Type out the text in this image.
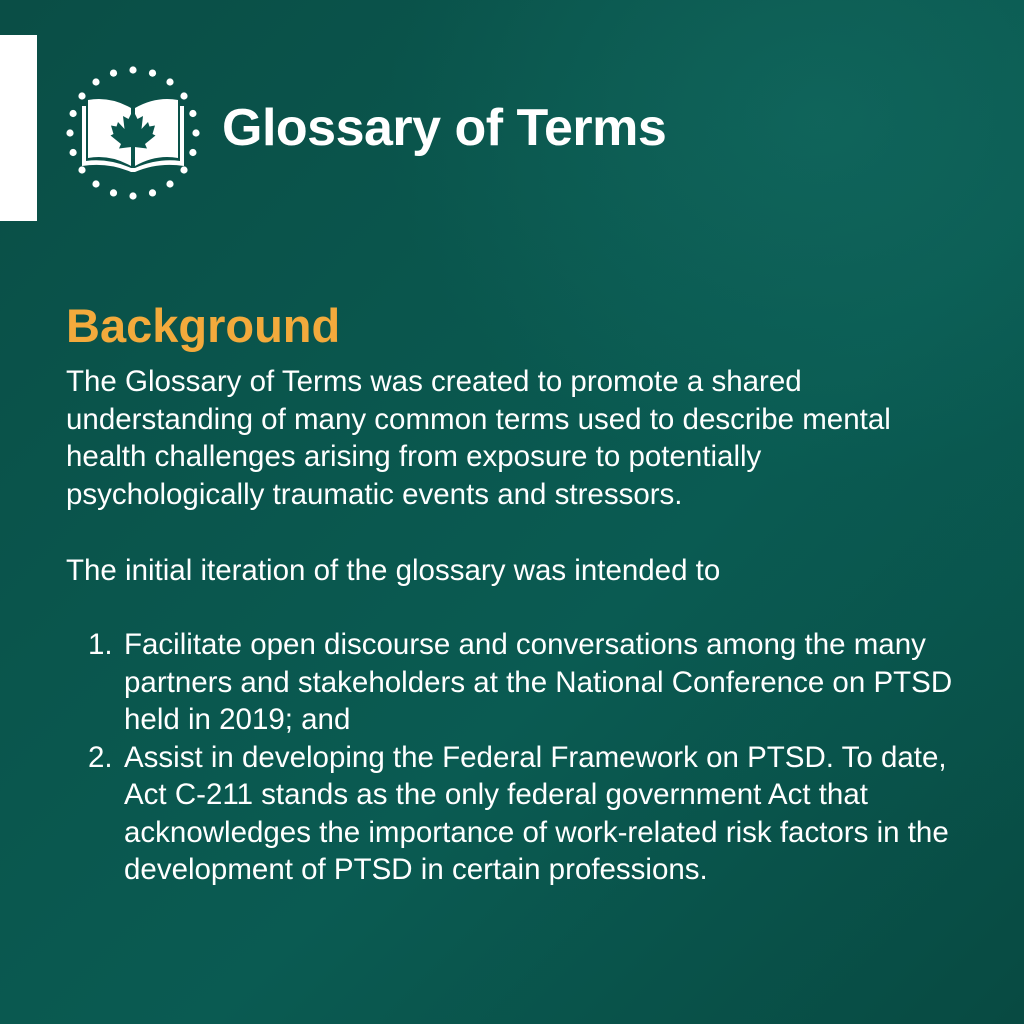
Glossary of Terms
Background

The Glossary of Terms was created to promote a shared understanding of many common terms used to describe mental health challenges arising from exposure to potentially psychologically traumatic events and stressors.

The initial iteration of the glossary was intended to

1. Facilitate open discourse and conversations among the many partners and stakeholders at the National Conference on PTSD held in 2019; and
2. Assist in developing the Federal Framework on PTSD. To date, Act C-211 stands as the only federal government Act that acknowledges the importance of work-related risk factors in the development of PTSD in certain professions.
